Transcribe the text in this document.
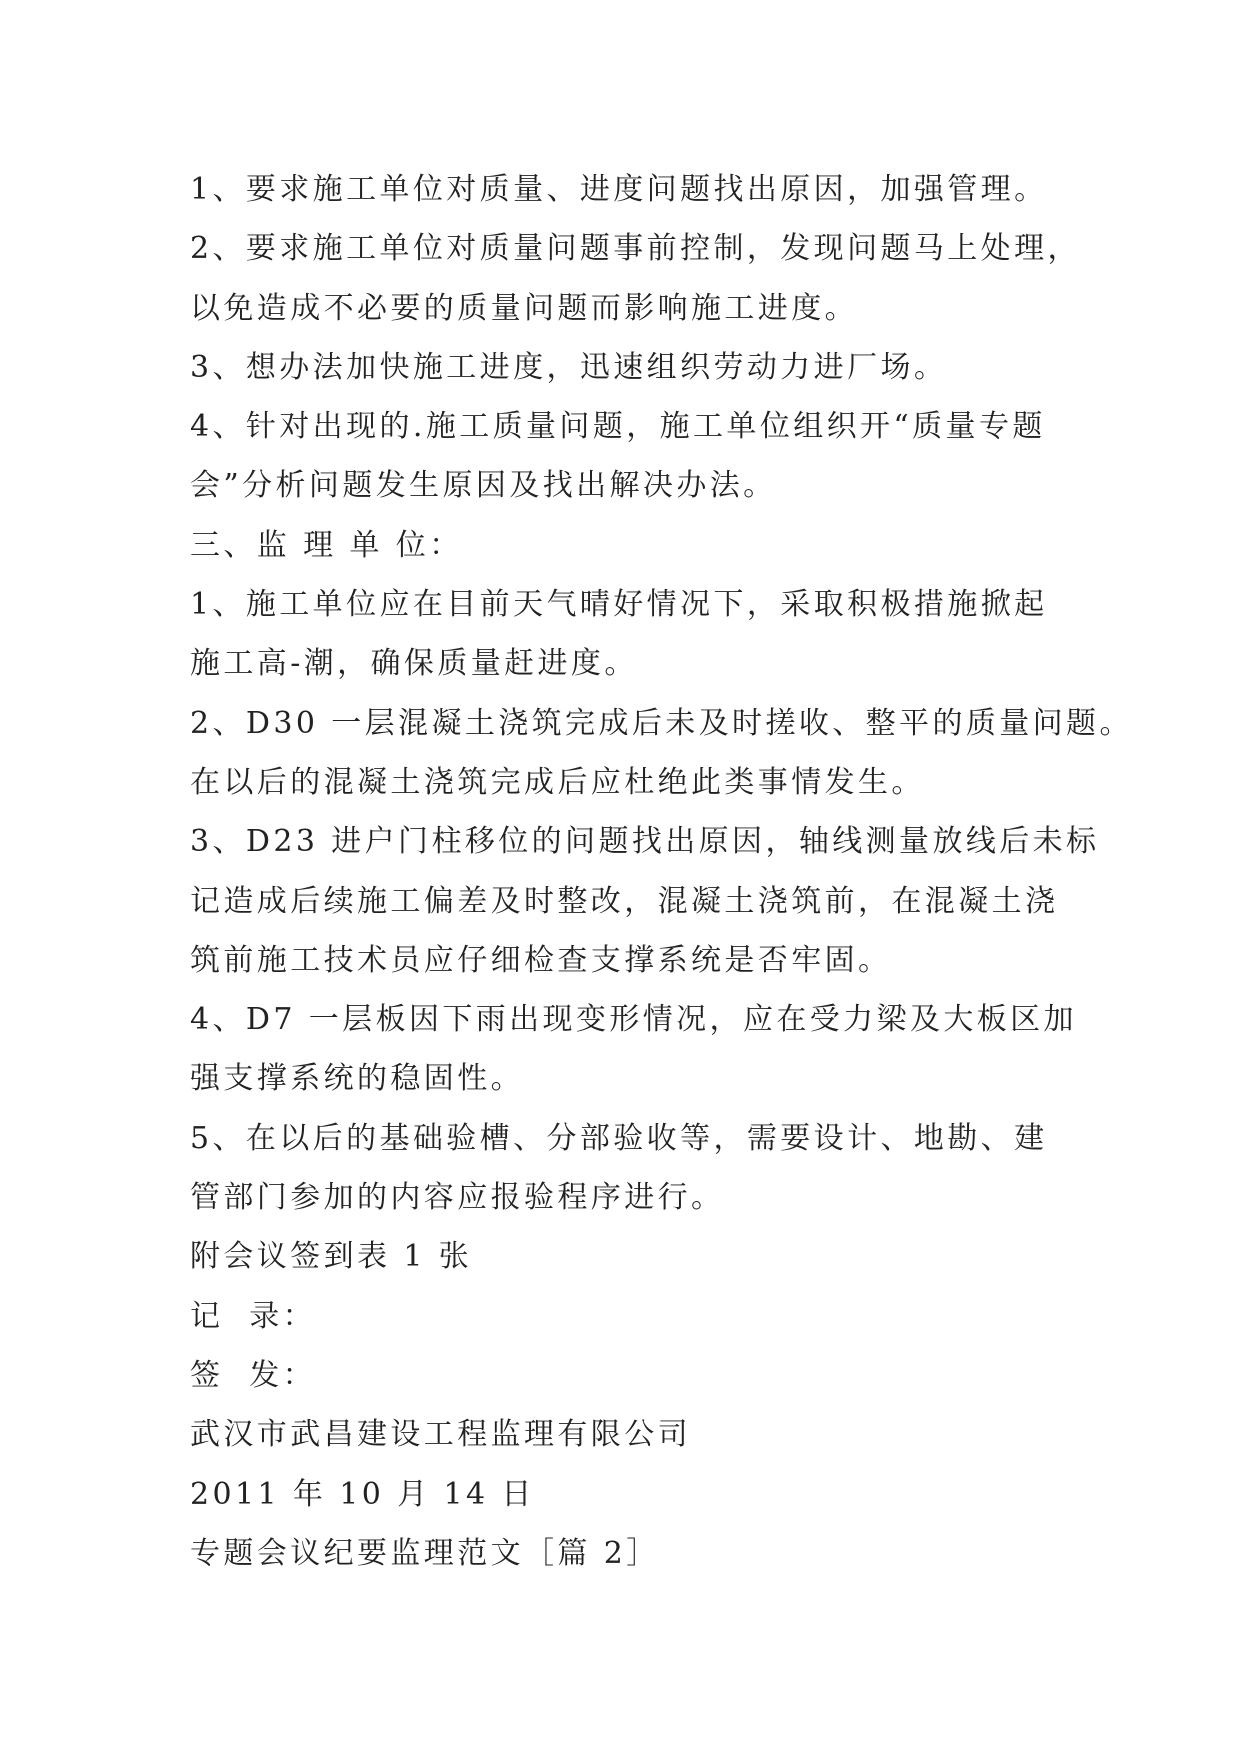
1、要求施工单位对质量、进度问题找出原因，加强管理。

2、要求施工单位对质量问题事前控制，发现问题马上处理，

以免造成不必要的质量问题而影响施工进度。

3、想办法加快施工进度，迅速组织劳动力进厂场。

4、针对出现的.施工质量问题，施工单位组织开“质量专题

会”分析问题发生原因及找出解决办法。

三、监 理 单 位：

1、施工单位应在目前天气晴好情况下，采取积极措施掀起

施工高-潮，确保质量赶进度。

2、D30 一层混凝土浇筑完成后未及时搓收、整平的质量问题。

在以后的混凝土浇筑完成后应杜绝此类事情发生。

3、D23 进户门柱移位的问题找出原因，轴线测量放线后未标

记造成后续施工偏差及时整改，混凝土浇筑前，在混凝土浇

筑前施工技术员应仔细检查支撑系统是否牢固。

4、D7 一层板因下雨出现变形情况，应在受力梁及大板区加

强支撑系统的稳固性。

5、在以后的基础验槽、分部验收等，需要设计、地勘、建

管部门参加的内容应报验程序进行。

附会议签到表 1 张

记  录：

签  发：

武汉市武昌建设工程监理有限公司

2011 年 10 月 14 日

专题会议纪要监理范文［篇 2］
